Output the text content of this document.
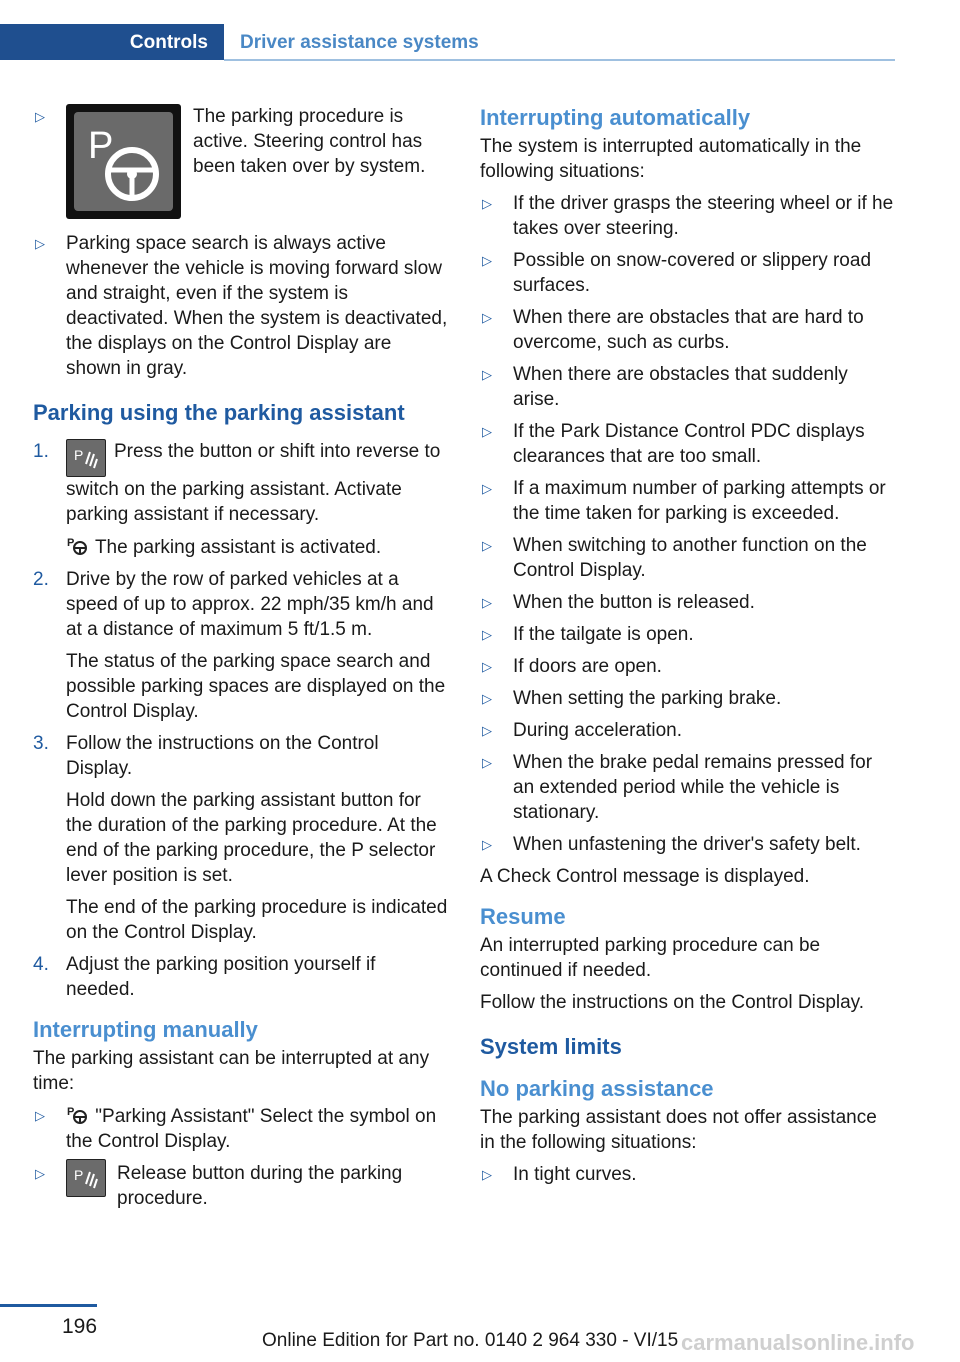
Controls	Driver assistance systems
▷
P
The parking procedure is active. Steering control has been taken over by system.
▷ Parking space search is always active whenever the vehicle is moving forward slow and straight, even if the system is deactivated. When the system is deactivated, the displays on the Control Display are shown in gray.
Parking using the parking assistant
1. P Press the button or shift into reverse to switch on the parking assistant. Activate parking assistant if necessary.

P The parking assistant is activated.

2. Drive by the row of parked vehicles at a speed of up to approx. 22 mph/35 km/h and at a distance of maximum 5 ft/1.5 m.

The status of the parking space search and possible parking spaces are displayed on the Control Display.

3. Follow the instructions on the Control Display.

Hold down the parking assistant button for the duration of the parking procedure. At the end of the parking procedure, the P selector lever position is set.

The end of the parking procedure is indicated on the Control Display.

4. Adjust the parking position yourself if needed.

Interrupting manually

The parking assistant can be interrupted at any time:

▷ P "Parking Assistant" Select the symbol on the Control Display.
▷ P Release button during the parking procedure.
Interrupting automatically

The system is interrupted automatically in the following situations:

▷ If the driver grasps the steering wheel or if he takes over steering.
▷ Possible on snow-covered or slippery road surfaces.
▷ When there are obstacles that are hard to overcome, such as curbs.
▷ When there are obstacles that suddenly arise.
▷ If the Park Distance Control PDC displays clearances that are too small.
▷ If a maximum number of parking attempts or the time taken for parking is exceeded.
▷ When switching to another function on the Control Display.
▷ When the button is released.
▷ If the tailgate is open.
▷ If doors are open.
▷ When setting the parking brake.
▷ During acceleration.
▷ When the brake pedal remains pressed for an extended period while the vehicle is stationary.
▷ When unfastening the driver's safety belt.

A Check Control message is displayed.

Resume

An interrupted parking procedure can be continued if needed.

Follow the instructions on the Control Display.

System limits
No parking assistance

The parking assistant does not offer assistance in the following situations:

▷ In tight curves.
196
Online Edition for Part no. 0140 2 964 330 - VI/15 carmanualsonline.info
